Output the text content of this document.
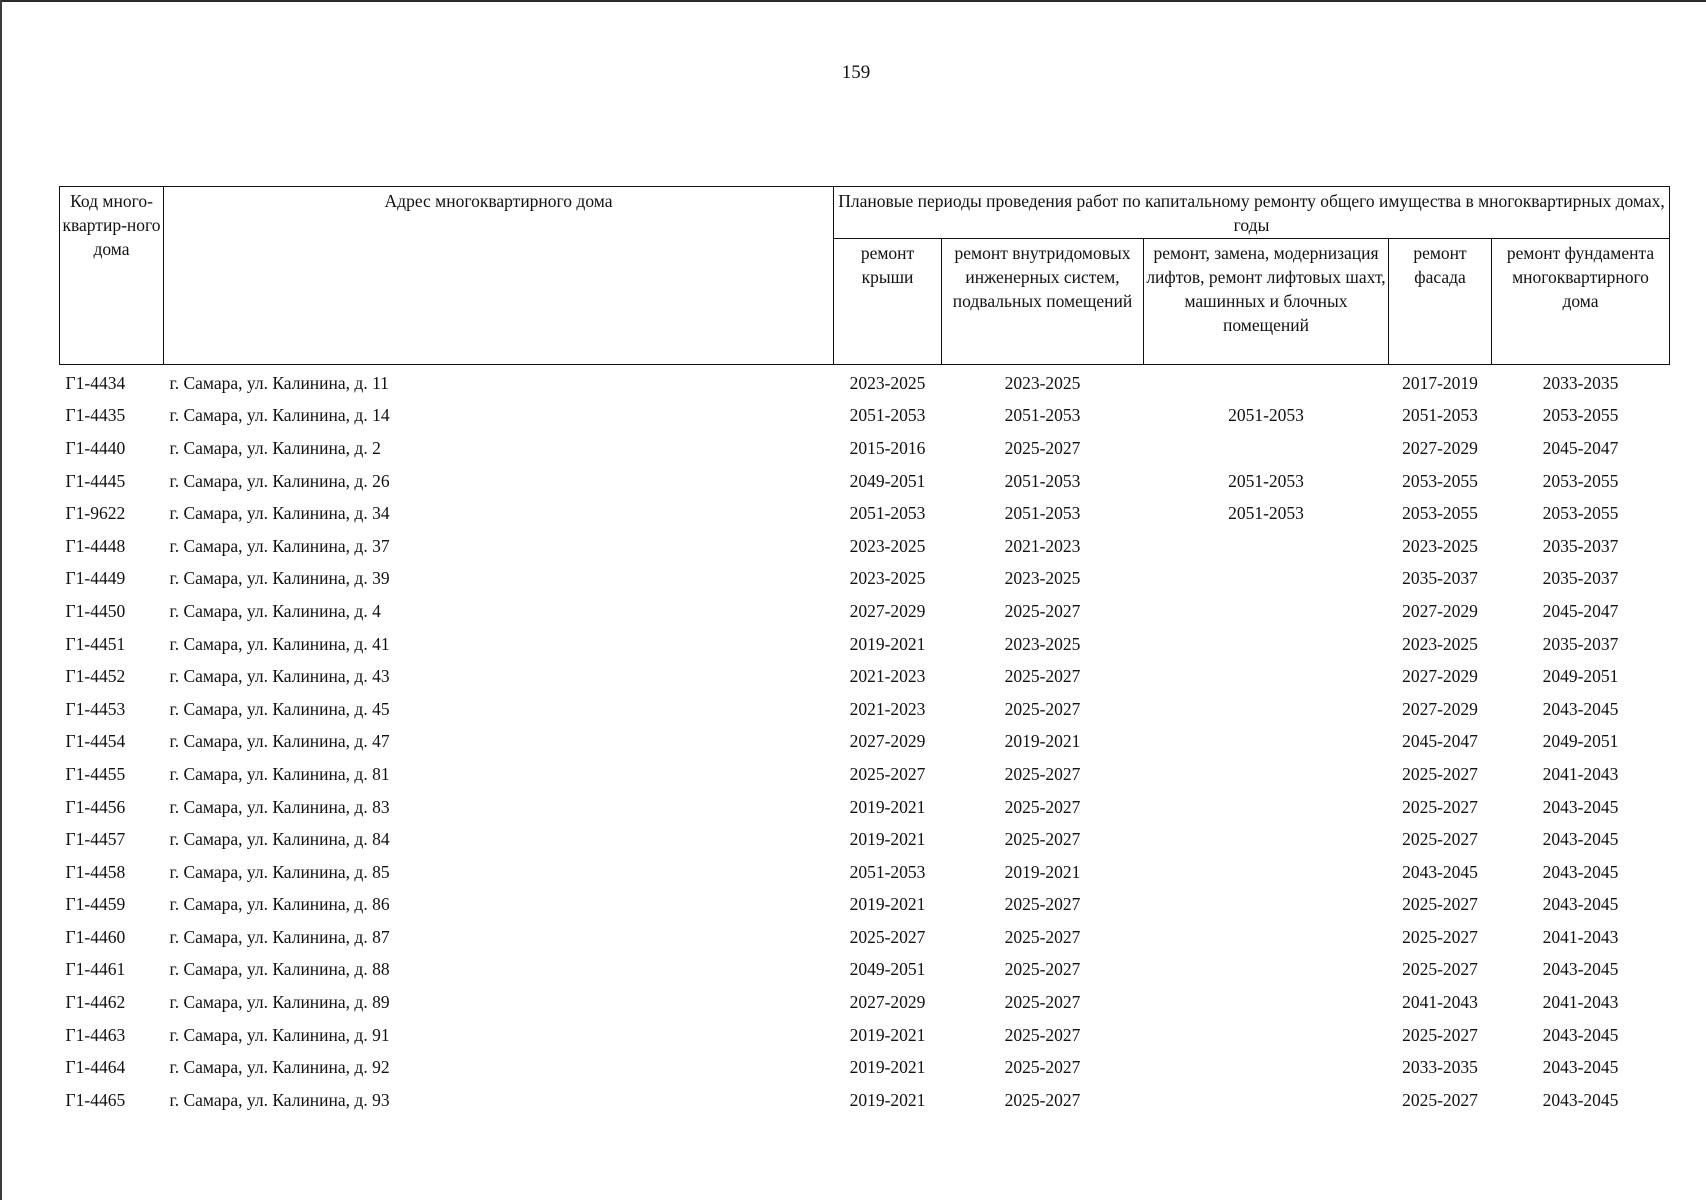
159
Код много-квартир-ного дома	Адрес многоквартирного дома	Плановые периоды проведения работ по капитальному ремонту общего имущества в многоквартирных домах, годы				
		ремонт крыши	ремонт внутридомовых инженерных систем, подвальных помещений	ремонт, замена, модернизация лифтов, ремонт лифтовых шахт, машинных и блочных помещений	ремонт фасада	ремонт фундамента многоквартирного дома
Г1-4434	г. Самара, ул. Калинина, д. 11	2023-2025	2023-2025		2017-2019	2033-2035
Г1-4435	г. Самара, ул. Калинина, д. 14	2051-2053	2051-2053	2051-2053	2051-2053	2053-2055
Г1-4440	г. Самара, ул. Калинина, д. 2	2015-2016	2025-2027		2027-2029	2045-2047
Г1-4445	г. Самара, ул. Калинина, д. 26	2049-2051	2051-2053	2051-2053	2053-2055	2053-2055
Г1-9622	г. Самара, ул. Калинина, д. 34	2051-2053	2051-2053	2051-2053	2053-2055	2053-2055
Г1-4448	г. Самара, ул. Калинина, д. 37	2023-2025	2021-2023		2023-2025	2035-2037
Г1-4449	г. Самара, ул. Калинина, д. 39	2023-2025	2023-2025		2035-2037	2035-2037
Г1-4450	г. Самара, ул. Калинина, д. 4	2027-2029	2025-2027		2027-2029	2045-2047
Г1-4451	г. Самара, ул. Калинина, д. 41	2019-2021	2023-2025		2023-2025	2035-2037
Г1-4452	г. Самара, ул. Калинина, д. 43	2021-2023	2025-2027		2027-2029	2049-2051
Г1-4453	г. Самара, ул. Калинина, д. 45	2021-2023	2025-2027		2027-2029	2043-2045
Г1-4454	г. Самара, ул. Калинина, д. 47	2027-2029	2019-2021		2045-2047	2049-2051
Г1-4455	г. Самара, ул. Калинина, д. 81	2025-2027	2025-2027		2025-2027	2041-2043
Г1-4456	г. Самара, ул. Калинина, д. 83	2019-2021	2025-2027		2025-2027	2043-2045
Г1-4457	г. Самара, ул. Калинина, д. 84	2019-2021	2025-2027		2025-2027	2043-2045
Г1-4458	г. Самара, ул. Калинина, д. 85	2051-2053	2019-2021		2043-2045	2043-2045
Г1-4459	г. Самара, ул. Калинина, д. 86	2019-2021	2025-2027		2025-2027	2043-2045
Г1-4460	г. Самара, ул. Калинина, д. 87	2025-2027	2025-2027		2025-2027	2041-2043
Г1-4461	г. Самара, ул. Калинина, д. 88	2049-2051	2025-2027		2025-2027	2043-2045
Г1-4462	г. Самара, ул. Калинина, д. 89	2027-2029	2025-2027		2041-2043	2041-2043
Г1-4463	г. Самара, ул. Калинина, д. 91	2019-2021	2025-2027		2025-2027	2043-2045
Г1-4464	г. Самара, ул. Калинина, д. 92	2019-2021	2025-2027		2033-2035	2043-2045
Г1-4465	г. Самара, ул. Калинина, д. 93	2019-2021	2025-2027		2025-2027	2043-2045
